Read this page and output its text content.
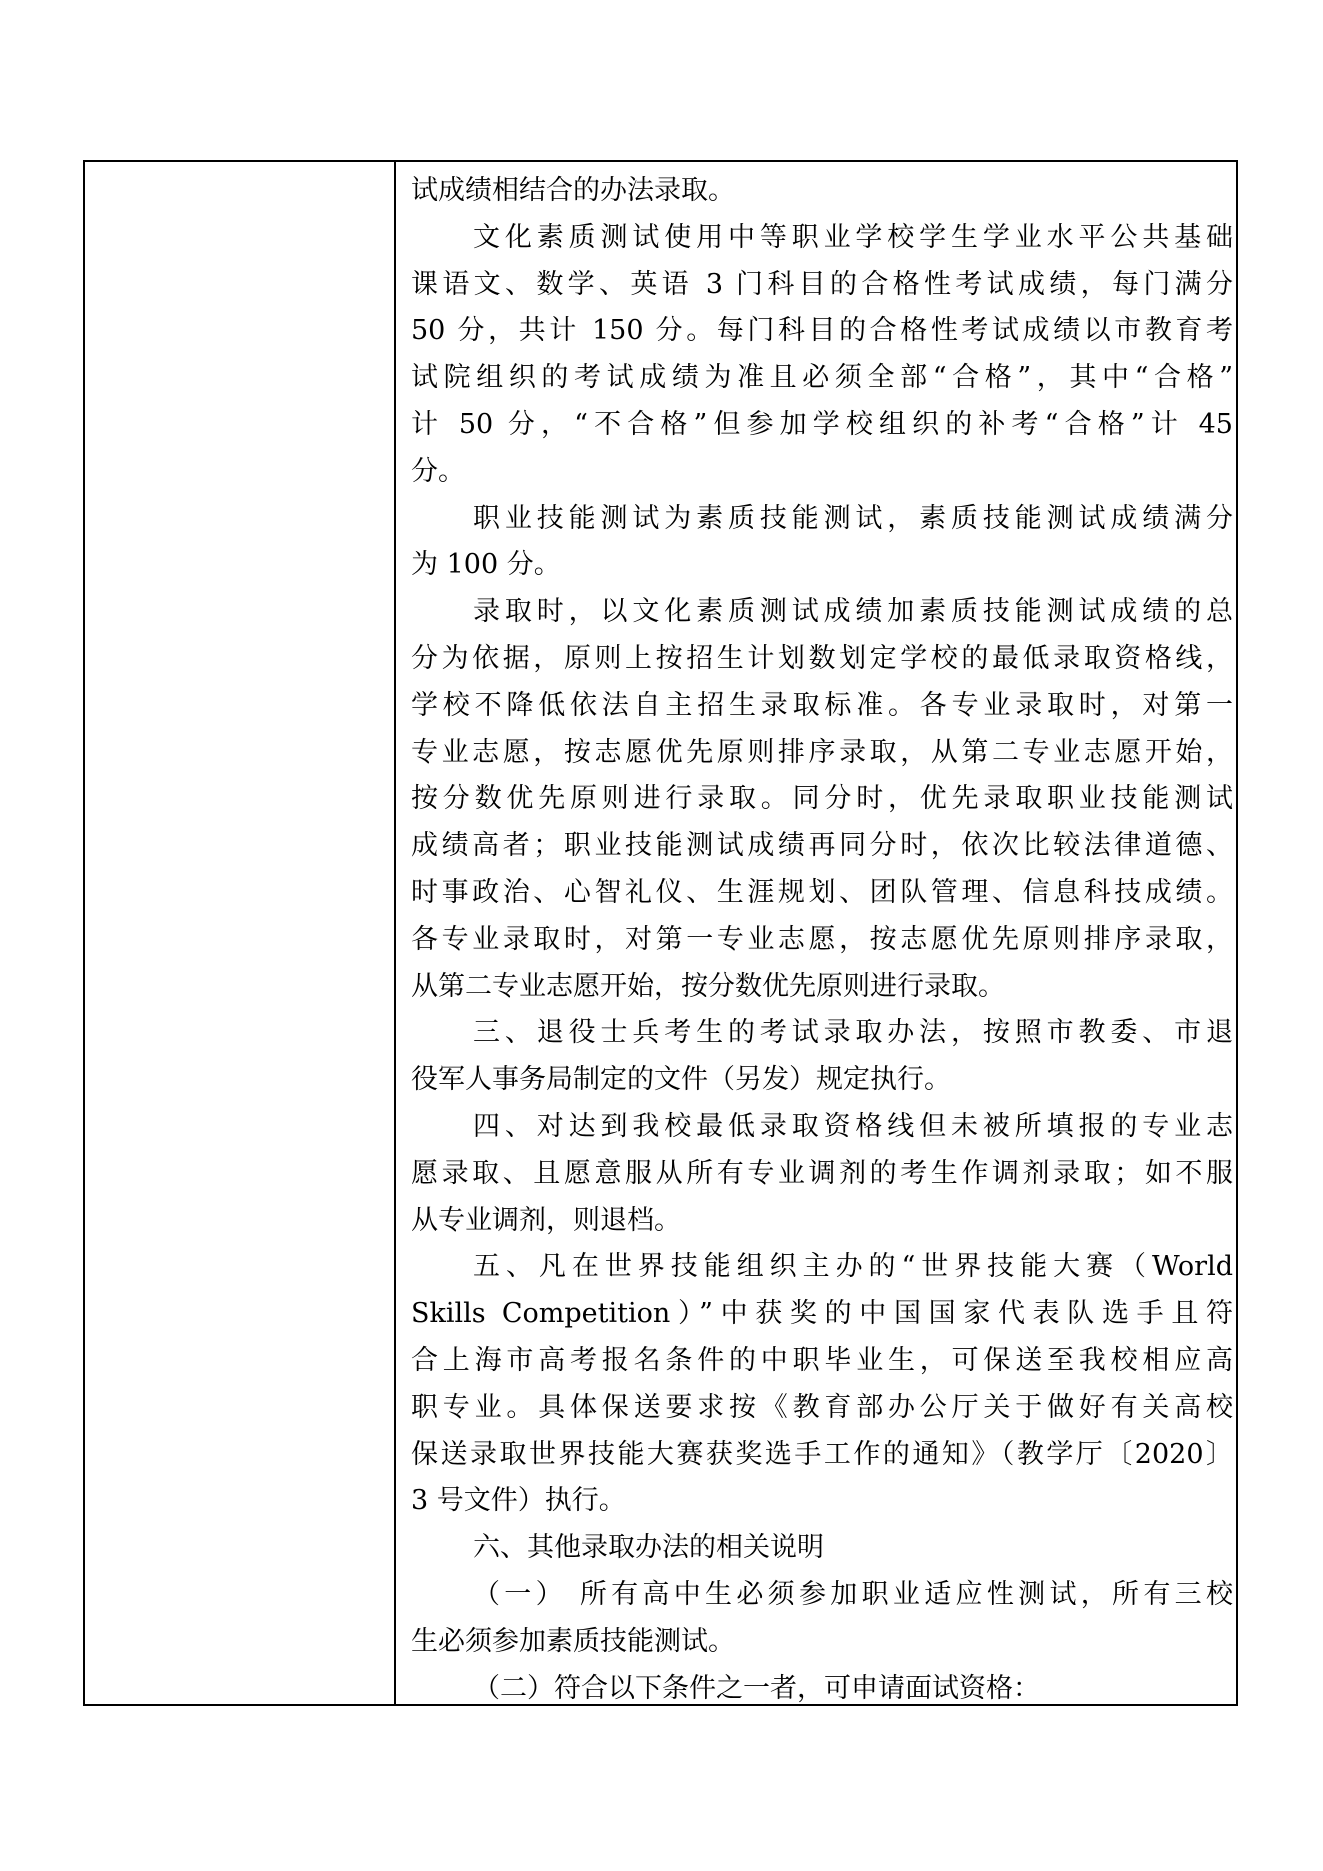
试成绩相结合的办法录取。
文化素质测试使用中等职业学校学生学业水平公共基础
课语文、数学、英语 3 门科目的合格性考试成绩，每门满分
50 分，共计 150 分。每门科目的合格性考试成绩以市教育考
试院组织的考试成绩为准且必须全部“合格”，其中“合格”
计 50 分，“不合格”但参加学校组织的补考“合格”计 45
分。
职业技能测试为素质技能测试，素质技能测试成绩满分
为 100 分。
录取时，以文化素质测试成绩加素质技能测试成绩的总
分为依据，原则上按招生计划数划定学校的最低录取资格线，
学校不降低依法自主招生录取标准。各专业录取时，对第一
专业志愿，按志愿优先原则排序录取，从第二专业志愿开始，
按分数优先原则进行录取。同分时，优先录取职业技能测试
成绩高者；职业技能测试成绩再同分时，依次比较法律道德、
时事政治、心智礼仪、生涯规划、团队管理、信息科技成绩。
各专业录取时，对第一专业志愿，按志愿优先原则排序录取，
从第二专业志愿开始，按分数优先原则进行录取。
三、退役士兵考生的考试录取办法，按照市教委、市退
役军人事务局制定的文件（另发）规定执行。
四、对达到我校最低录取资格线但未被所填报的专业志
愿录取、且愿意服从所有专业调剂的考生作调剂录取；如不服
从专业调剂，则退档。
五、凡在世界技能组织主办的“世界技能大赛（World
Skills Competition）”中获奖的中国国家代表队选手且符
合上海市高考报名条件的中职毕业生，可保送至我校相应高
职专业。具体保送要求按《教育部办公厅关于做好有关高校
保送录取世界技能大赛获奖选手工作的通知》（教学厅〔2020〕
3 号文件）执行。
六、其他录取办法的相关说明
（一） 所有高中生必须参加职业适应性测试，所有三校
生必须参加素质技能测试。
（二）符合以下条件之一者，可申请面试资格：
